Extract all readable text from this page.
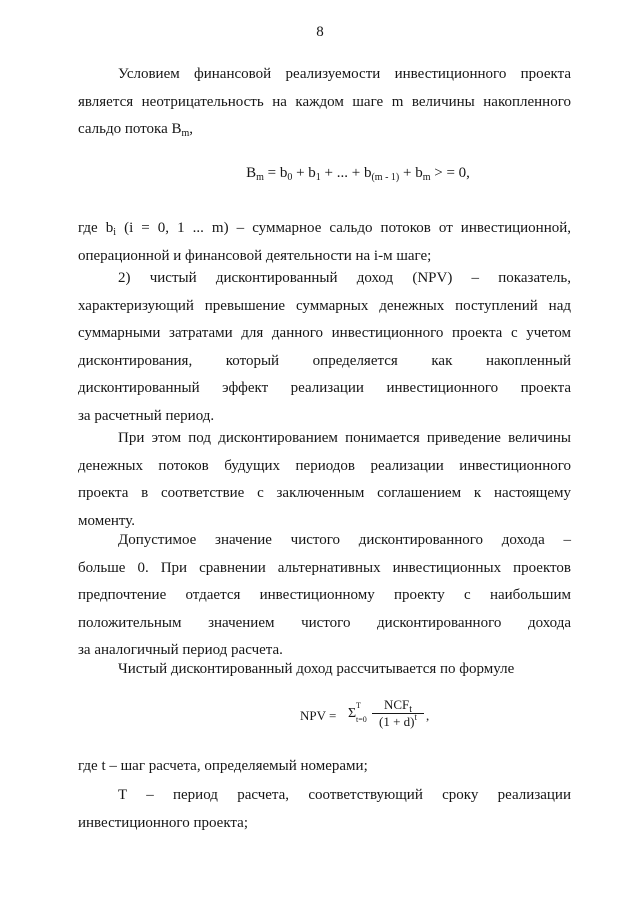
8
Условием финансовой реализуемости инвестиционного проекта
является неотрицательность на каждом шаге m величины накопленного
сальдо потока $B_m$,
$B_m = b_0 + b_1$ + ... + $b_{(m - 1)} + b_m$ > = 0,
где $b_i$ (i = 0, 1 ... m) – суммарное сальдо потоков от инвестиционной,
операционной и финансовой деятельности на i-м шаге;
2) чистый дисконтированный доход (NPV) – показатель,
характеризующий превышение суммарных денежных поступлений над
суммарными затратами для данного инвестиционного проекта с учетом
дисконтирования, который определяется как накопленный
дисконтированный эффект реализации инвестиционного проекта
за расчетный период.
При этом под дисконтированием понимается приведение величины
денежных потоков будущих периодов реализации инвестиционного
проекта в соответствие с заключенным соглашением к настоящему
моменту.
Допустимое значение чистого дисконтированного дохода –
больше 0. При сравнении альтернативных инвестиционных проектов
предпочтение отдается инвестиционному проекту с наибольшим
положительным значением чистого дисконтированного дохода
за аналогичный период расчета.
Чистый дисконтированный доход рассчитывается по формуле
NPV = Σ
T
t=0
$NCF_t$
$(1 + d)^t$ ,
где t – шаг расчета, определяемый номерами;
T – период расчета, соответствующий сроку реализации
инвестиционного проекта;
